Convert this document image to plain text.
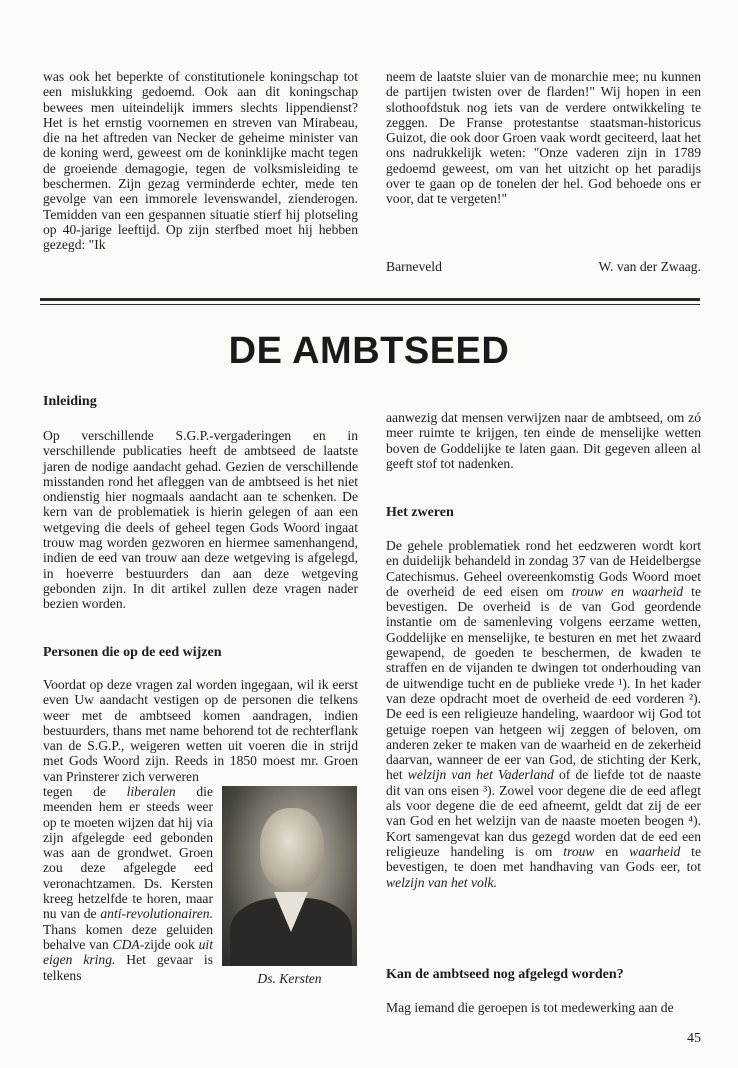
was ook het beperkte of constitutionele koningschap tot een mislukking gedoemd. Ook aan dit koningschap bewees men uiteindelijk immers slechts lippendienst? Het is het ernstig voornemen en streven van Mirabeau, die na het aftreden van Necker de geheime minister van de koning werd, geweest om de koninklijke macht tegen de groeiende demagogie, tegen de volksmisleiding te beschermen. Zijn gezag verminderde echter, mede ten gevolge van een immorele levenswandel, zienderogen. Temidden van een gespannen situatie stierf hij plotseling op 40-jarige leeftijd. Op zijn sterfbed moet hij hebben gezegd: "Ik

neem de laatste sluier van de monarchie mee; nu kunnen de partijen twisten over de flarden!" Wij hopen in een slothoofdstuk nog iets van de verdere ontwikkeling te zeggen. De Franse protestantse staatsman-historicus Guizot, die ook door Groen vaak wordt geciteerd, laat het ons nadrukkelijk weten: "Onze vaderen zijn in 1789 gedoemd geweest, om van het uitzicht op het paradijs over te gaan op de tonelen der hel. God behoede ons er voor, dat te vergeten!"

Barneveld	W. van der Zwaag.
DE AMBTSEED
Inleiding
Op verschillende S.G.P.-vergaderingen en in verschillende publicaties heeft de ambtseed de laatste jaren de nodige aandacht gehad. Gezien de verschillende misstanden rond het afleggen van de ambtseed is het niet ondienstig hier nogmaals aandacht aan te schenken. De kern van de problematiek is hierin gelegen of aan een wetgeving die deels of geheel tegen Gods Woord ingaat trouw mag worden gezworen en hiermee samenhangend, indien de eed van trouw aan deze wetgeving is afgelegd, in hoeverre bestuurders dan aan deze wetgeving gebonden zijn. In dit artikel zullen deze vragen nader bezien worden.
Personen die op de eed wijzen
Voordat op deze vragen zal worden ingegaan, wil ik eerst even Uw aandacht vestigen op de personen die telkens weer met de ambtseed komen aandragen, indien bestuurders, thans met name behorend tot de rechterflank van de S.G.P., weigeren wetten uit voeren die in strijd met Gods Woord zijn. Reeds in 1850 moest mr. Groen van Prinsterer zich verweren
tegen de liberalen die meenden hem er steeds weer op te moeten wijzen dat hij via zijn afgelegde eed gebonden was aan de grondwet. Groen zou deze afgelegde eed veronachtzamen. Ds. Kersten kreeg hetzelfde te horen, maar nu van de anti-revolutionairen. Thans komen deze geluiden behalve van CDA-zijde ook uit eigen kring. Het gevaar is telkens	Ds. Kersten
aanwezig dat mensen verwijzen naar de ambtseed, om zó meer ruimte te krijgen, ten einde de menselijke wetten boven de Goddelijke te laten gaan. Dit gegeven alleen al geeft stof tot nadenken.
Het zweren
De gehele problematiek rond het eedzweren wordt kort en duidelijk behandeld in zondag 37 van de Heidelbergse Catechismus. Geheel overeenkomstig Gods Woord moet de overheid de eed eisen om trouw en waarheid te bevestigen. De overheid is de van God geordende instantie om de samenleving volgens eerzame wetten, Goddelijke en menselijke, te besturen en met het zwaard gewapend, de goeden te beschermen, de kwaden te straffen en de vijanden te dwingen tot onderhouding van de uitwendige tucht en de publieke vrede ¹). In het kader van deze opdracht moet de overheid de eed vorderen ²). De eed is een religieuze handeling, waardoor wij God tot getuige roepen van hetgeen wij zeggen of beloven, om anderen zeker te maken van de waarheid en de zekerheid daarvan, wanneer de eer van God, de stichting der Kerk, het welzijn van het Vaderland of de liefde tot de naaste dit van ons eisen ³). Zowel voor degene die de eed aflegt als voor degene die de eed afneemt, geldt dat zij de eer van God en het welzijn van de naaste moeten beogen ⁴). Kort samengevat kan dus gezegd worden dat de eed een religieuze handeling is om trouw en waarheid te bevestigen, te doen met handhaving van Gods eer, tot welzijn van het volk.
Kan de ambtseed nog afgelegd worden?
Mag iemand die geroepen is tot medewerking aan de
45
